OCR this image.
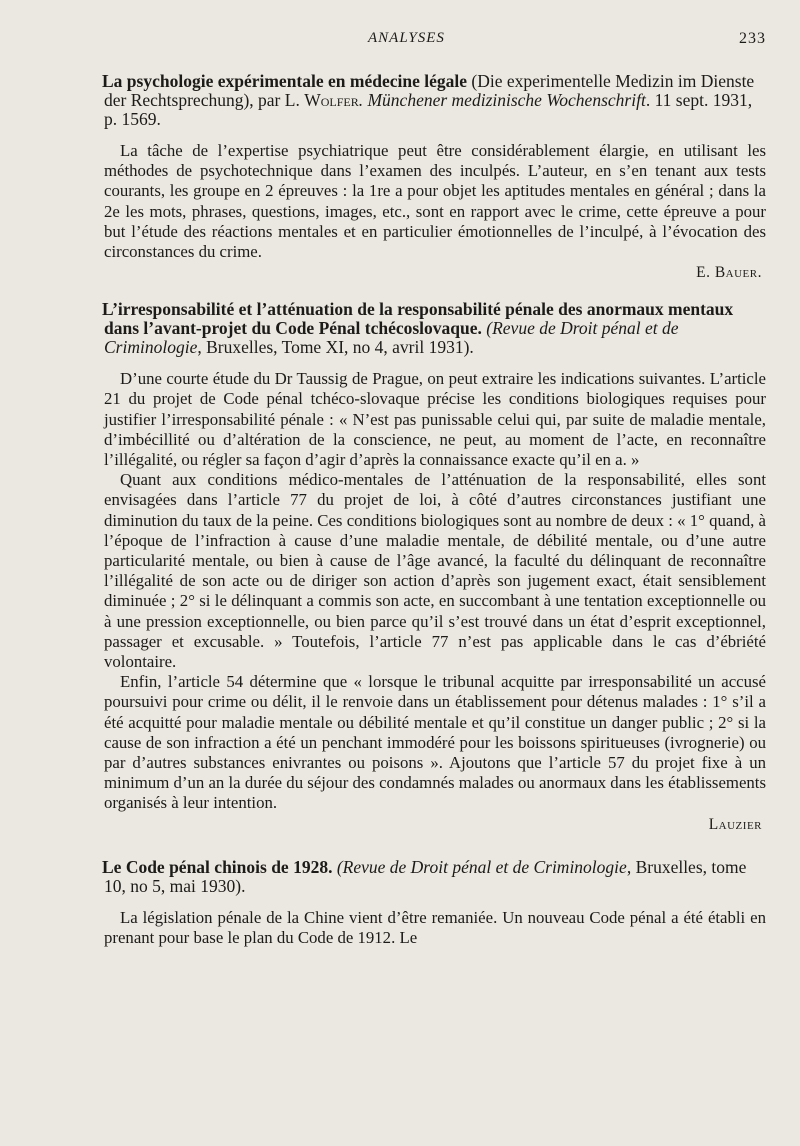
ANALYSES	233
La psychologie expérimentale en médecine légale (Die experimentelle Medizin im Dienste der Rechtsprechung), par L. Wolfer. Münchener medizinische Wochenschrift. 11 sept. 1931, p. 1569.

La tâche de l’expertise psychiatrique peut être considérablement élargie, en utilisant les méthodes de psychotechnique dans l’examen des inculpés. L’auteur, en s’en tenant aux tests courants, les groupe en 2 épreuves : la 1re a pour objet les aptitudes mentales en général ; dans la 2e les mots, phrases, questions, images, etc., sont en rapport avec le crime, cette épreuve a pour but l’étude des réactions mentales et en particulier émotionnelles de l’inculpé, à l’évocation des circonstances du crime.

E. Bauer.
L’irresponsabilité et l’atténuation de la responsabilité pénale des anormaux mentaux dans l’avant-projet du Code Pénal tchécoslovaque. (Revue de Droit pénal et de Criminologie, Bruxelles, Tome XI, no 4, avril 1931).

D’une courte étude du Dr Taussig de Prague, on peut extraire les indications suivantes. L’article 21 du projet de Code pénal tchéco-slovaque précise les conditions biologiques requises pour justifier l’irresponsabilité pénale : « N’est pas punissable celui qui, par suite de maladie mentale, d’imbécillité ou d’altération de la conscience, ne peut, au moment de l’acte, en reconnaître l’illégalité, ou régler sa façon d’agir d’après la connaissance exacte qu’il en a. »

Quant aux conditions médico-mentales de l’atténuation de la responsabilité, elles sont envisagées dans l’article 77 du projet de loi, à côté d’autres circonstances justifiant une diminution du taux de la peine. Ces conditions biologiques sont au nombre de deux : « 1° quand, à l’époque de l’infraction à cause d’une maladie mentale, de débilité mentale, ou d’une autre particularité mentale, ou bien à cause de l’âge avancé, la faculté du délinquant de reconnaître l’illégalité de son acte ou de diriger son action d’après son jugement exact, était sensiblement diminuée ; 2° si le délinquant a commis son acte, en succombant à une tentation exceptionnelle ou à une pression exceptionnelle, ou bien parce qu’il s’est trouvé dans un état d’esprit exceptionnel, passager et excusable. » Toutefois, l’article 77 n’est pas applicable dans le cas d’ébriété volontaire.

Enfin, l’article 54 détermine que « lorsque le tribunal acquitte par irresponsabilité un accusé poursuivi pour crime ou délit, il le renvoie dans un établissement pour détenus malades : 1° s’il a été acquitté pour maladie mentale ou débilité mentale et qu’il constitue un danger public ; 2° si la cause de son infraction a été un penchant immodéré pour les boissons spiritueuses (ivrognerie) ou par d’autres substances enivrantes ou poisons ». Ajoutons que l’article 57 du projet fixe à un minimum d’un an la durée du séjour des condamnés malades ou anormaux dans les établissements organisés à leur intention.

Lauzier
Le Code pénal chinois de 1928. (Revue de Droit pénal et de Criminologie, Bruxelles, tome 10, no 5, mai 1930).

La législation pénale de la Chine vient d’être remaniée. Un nouveau Code pénal a été établi en prenant pour base le plan du Code de 1912. Le
